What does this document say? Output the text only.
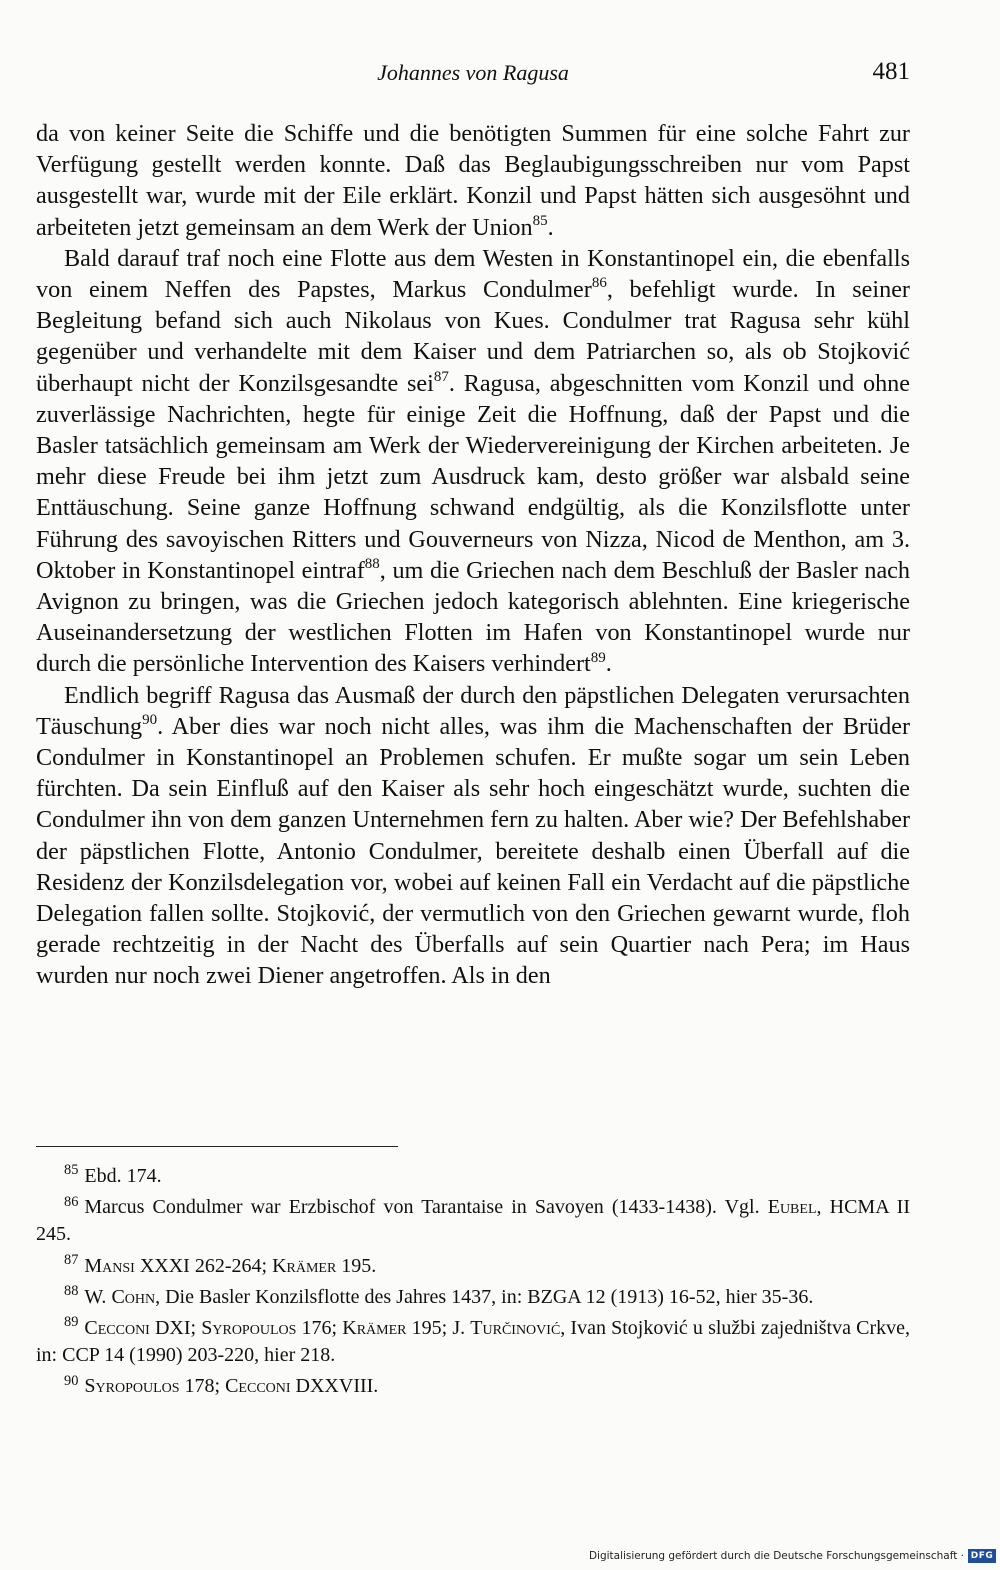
Johannes von Ragusa	481

da von keiner Seite die Schiffe und die benötigten Summen für eine solche Fahrt zur Verfügung gestellt werden konnte. Daß das Beglaubigungsschreiben nur vom Papst ausgestellt war, wurde mit der Eile erklärt. Konzil und Papst hätten sich ausgesöhnt und arbeiteten jetzt gemeinsam an dem Werk der Union$^{85}$.

Bald darauf traf noch eine Flotte aus dem Westen in Konstantinopel ein, die ebenfalls von einem Neffen des Papstes, Markus Condulmer$^{86}$, befehligt wurde. In seiner Begleitung befand sich auch Nikolaus von Kues. Condulmer trat Ragusa sehr kühl gegenüber und verhandelte mit dem Kaiser und dem Patriarchen so, als ob Stojković überhaupt nicht der Konzilsgesandte sei$^{87}$. Ragusa, abgeschnitten vom Konzil und ohne zuverlässige Nachrichten, hegte für einige Zeit die Hoffnung, daß der Papst und die Basler tatsächlich gemeinsam am Werk der Wiedervereinigung der Kirchen arbeiteten. Je mehr diese Freude bei ihm jetzt zum Ausdruck kam, desto größer war alsbald seine Enttäuschung. Seine ganze Hoffnung schwand endgültig, als die Konzilsflotte unter Führung des savoyischen Ritters und Gouverneurs von Nizza, Nicod de Menthon, am 3. Oktober in Konstantinopel eintraf$^{88}$, um die Griechen nach dem Beschluß der Basler nach Avignon zu bringen, was die Griechen jedoch kategorisch ablehnten. Eine kriegerische Auseinandersetzung der westlichen Flotten im Hafen von Konstantinopel wurde nur durch die persönliche Intervention des Kaisers verhindert$^{89}$.

Endlich begriff Ragusa das Ausmaß der durch den päpstlichen Delegaten verursachten Täuschung$^{90}$. Aber dies war noch nicht alles, was ihm die Machenschaften der Brüder Condulmer in Konstantinopel an Problemen schufen. Er mußte sogar um sein Leben fürchten. Da sein Einfluß auf den Kaiser als sehr hoch eingeschätzt wurde, suchten die Condulmer ihn von dem ganzen Unternehmen fern zu halten. Aber wie? Der Befehlshaber der päpstlichen Flotte, Antonio Condulmer, bereitete deshalb einen Überfall auf die Residenz der Konzilsdelegation vor, wobei auf keinen Fall ein Verdacht auf die päpstliche Delegation fallen sollte. Stojković, der vermutlich von den Griechen gewarnt wurde, floh gerade rechtzeitig in der Nacht des Überfalls auf sein Quartier nach Pera; im Haus wurden nur noch zwei Diener angetroffen. Als in den

$^{85}$ Ebd. 174.

$^{86}$ Marcus Condulmer war Erzbischof von Tarantaise in Savoyen (1433-1438). Vgl. Eubel, HCMA II 245.

$^{87}$ Mansi XXXI 262-264; Krämer 195.

$^{88}$ W. Cohn, Die Basler Konzilsflotte des Jahres 1437, in: BZGA 12 (1913) 16-52, hier 35-36.

$^{89}$ Cecconi DXI; Syropoulos 176; Krämer 195; J. Turčinović, Ivan Stojković u službi zajedništva Crkve, in: CCP 14 (1990) 203-220, hier 218.

$^{90}$ Syropoulos 178; Cecconi DXXVIII.

Digitalisierung gefördert durch die Deutsche Forschungsgemeinschaft · DFG
